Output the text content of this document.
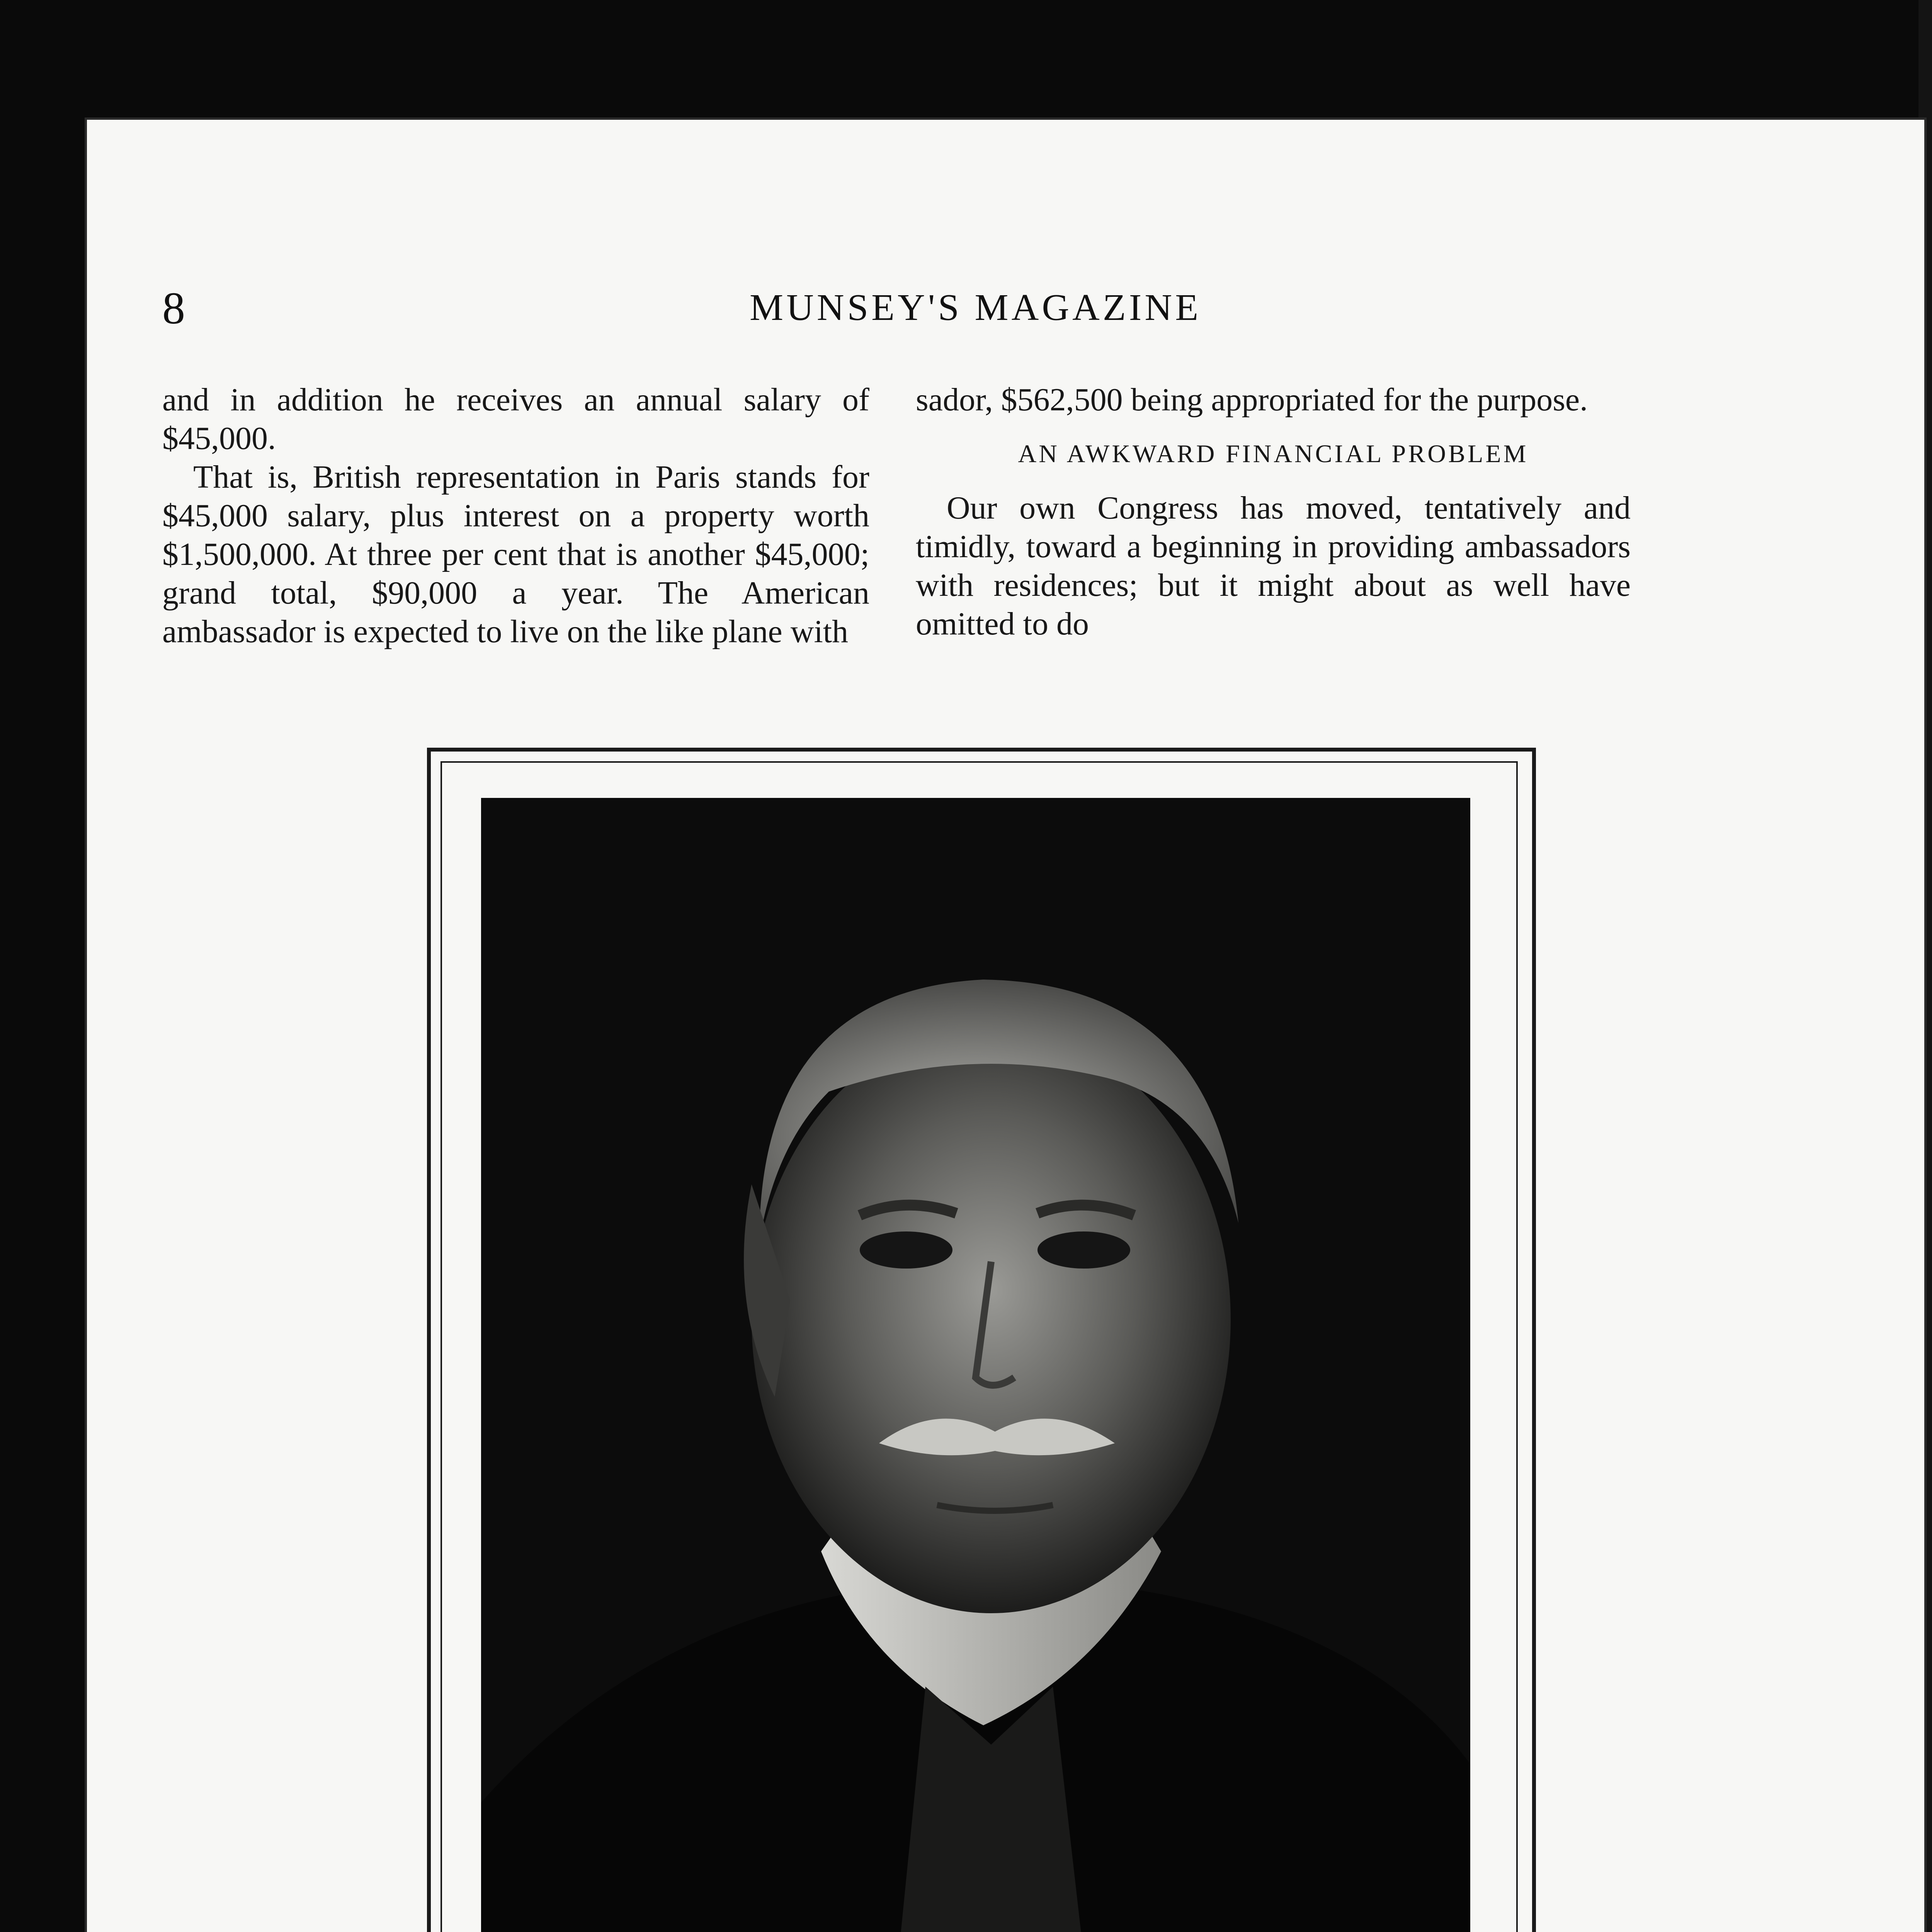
8	MUNSEY'S MAGAZINE

and in addition he receives an annual salary of $45,000.

That is, British representation in Paris stands for $45,000 salary, plus interest on a property worth $1,500,000. At three per cent that is another $45,000; grand total, $90,000 a year. The American ambassador is expected to live on the like plane with

sador, $562,500 being appropriated for the purpose.

AN AWKWARD FINANCIAL PROBLEM

Our own Congress has moved, tentatively and timidly, toward a beginning in providing ambassadors with residences; but it might about as well have omitted to do
